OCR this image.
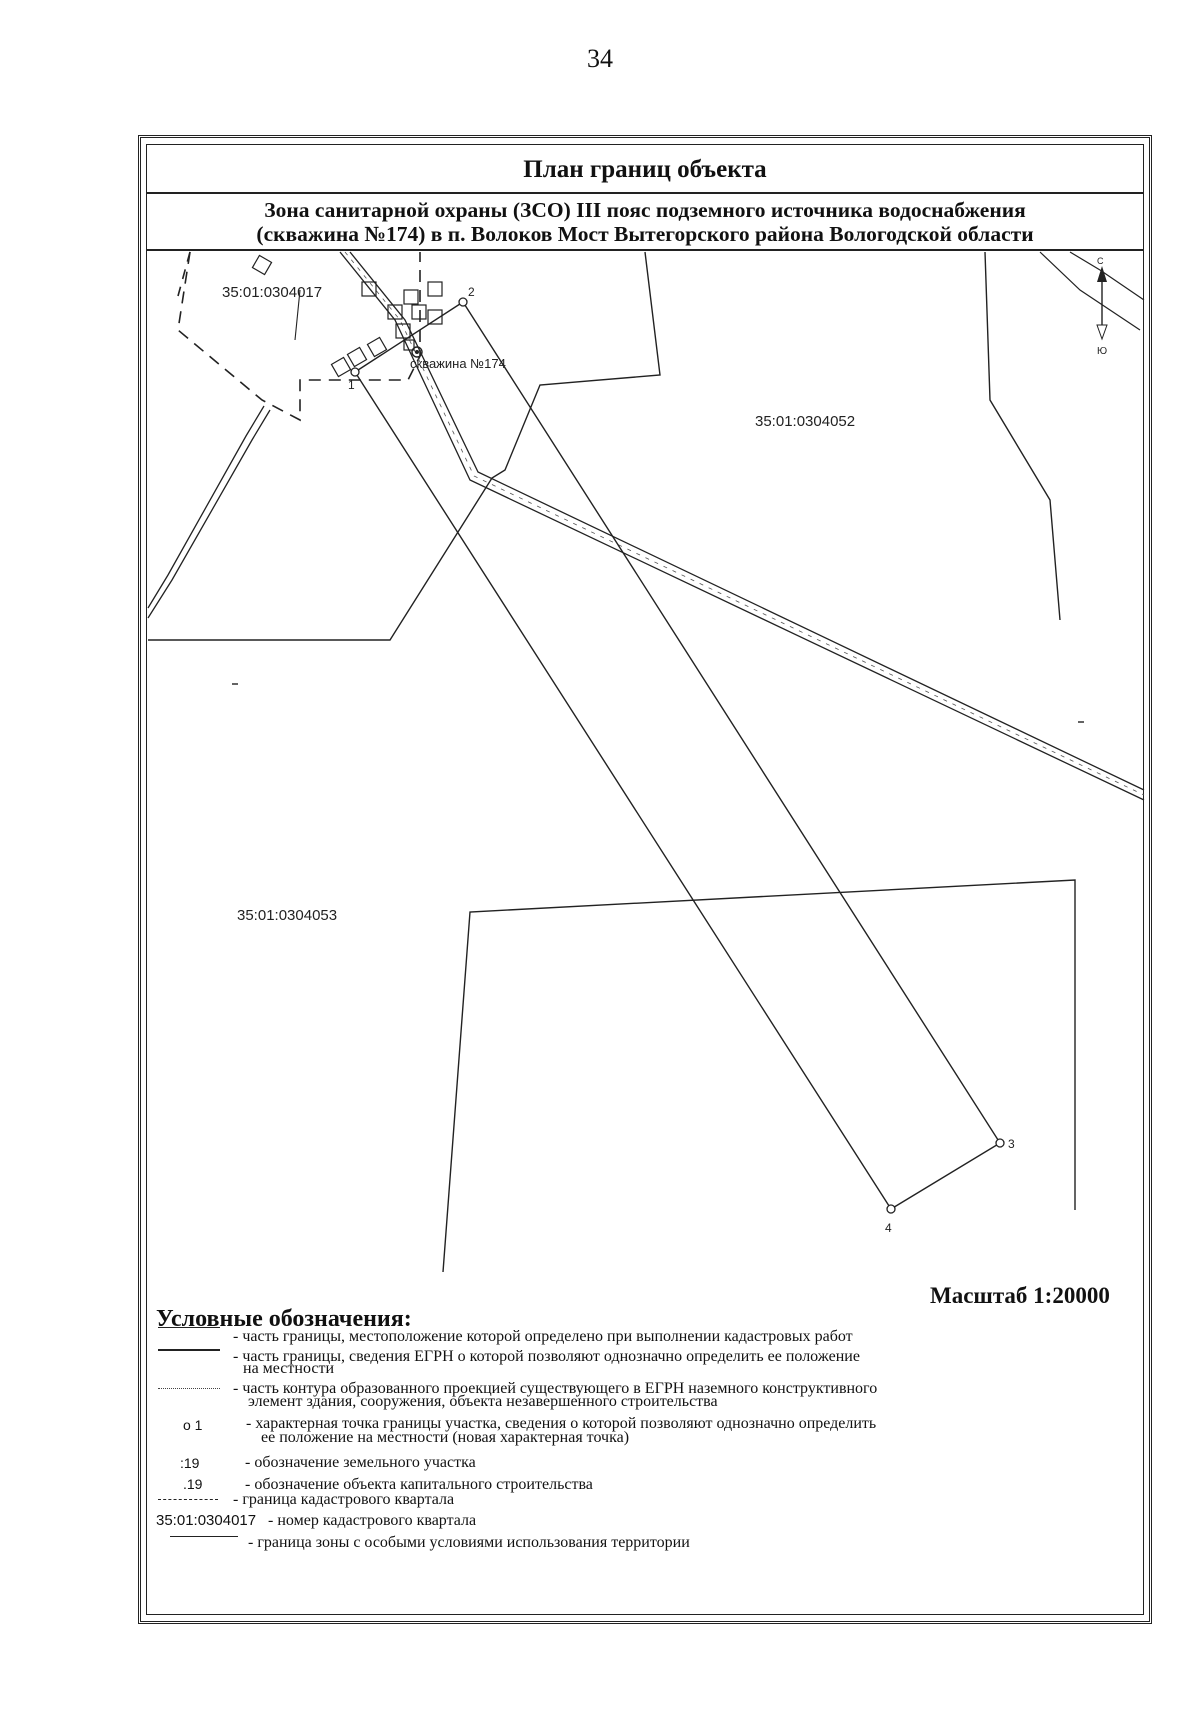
34
План границ объекта
Зона санитарной охраны (ЗСО) III пояс подземного источника водоснабжения
(скважина №174) в п. Волоков Мост Вытегорского района Вологодской области
1
2
3
4
скважина №174
35:01:0304017
35:01:0304052
35:01:0304053
С
Ю
Масштаб 1:20000
Условные обозначения:
- часть границы, местоположение которой определено при выполнении кадастровых работ
- часть границы, сведения ЕГРН о которой позволяют однозначно определить ее положение
на местности
- часть контура образованного проекцией существующего в ЕГРН наземного конструктивного
элемент здания, сооружения, объекта незавершенного строительства
o 1	- характерная точка границы участка, сведения о которой позволяют однозначно определить
ее положение на местности (новая характерная точка)
:19	- обозначение земельного участка
.19	- обозначение объекта капитального строительства
- граница кадастрового квартала
35:01:0304017 - номер кадастрового квартала
- граница зоны с особыми условиями использования территории
